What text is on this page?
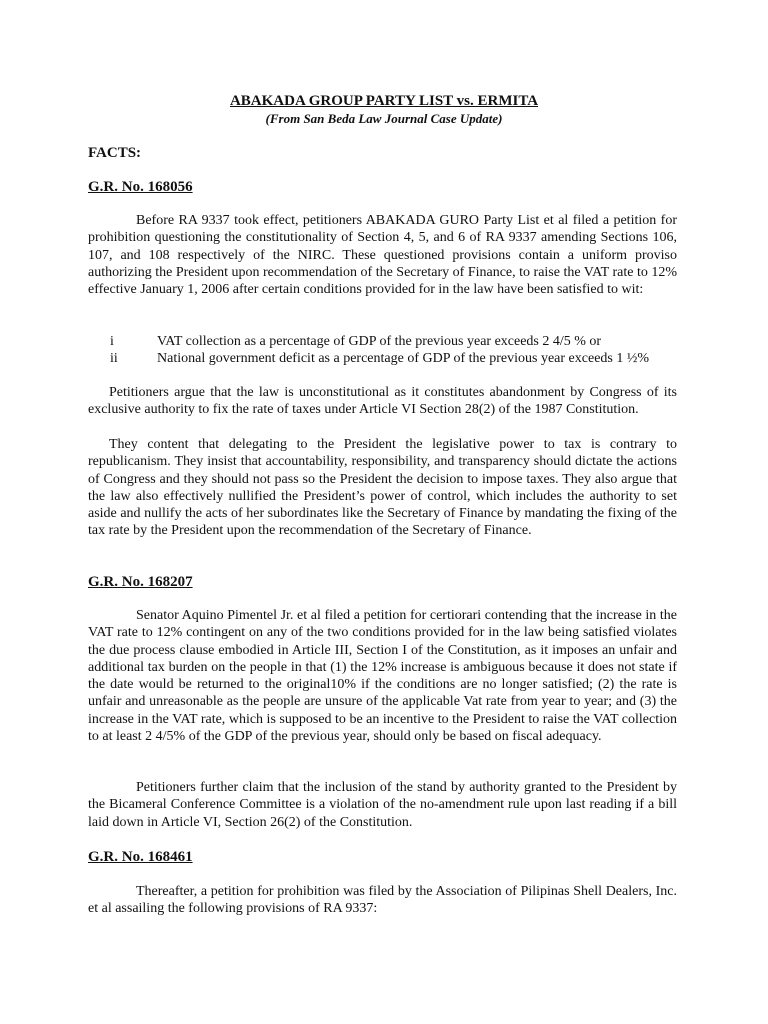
ABAKADA GROUP PARTY LIST vs. ERMITA
(From San Beda Law Journal Case Update)
FACTS:
G.R. No. 168056

Before RA 9337 took effect, petitioners ABAKADA GURO Party List et al filed a petition for prohibition questioning the constitutionality of Section 4, 5, and 6 of RA 9337 amending Sections 106, 107, and 108 respectively of the NIRC. These questioned provisions contain a uniform proviso authorizing the President upon recommendation of the Secretary of Finance, to raise the VAT rate to 12% effective January 1, 2006 after certain conditions provided for in the law have been satisfied to wit:

i	VAT collection as a percentage of GDP of the previous year exceeds 2 4/5 % or
ii	National government deficit as a percentage of GDP of the previous year exceeds 1 ½%

Petitioners argue that the law is unconstitutional as it constitutes abandonment by Congress of its exclusive authority to fix the rate of taxes under Article VI Section 28(2) of the 1987 Constitution.

They content that delegating to the President the legislative power to tax is contrary to republicanism. They insist that accountability, responsibility, and transparency should dictate the actions of Congress and they should not pass so the President the decision to impose taxes. They also argue that the law also effectively nullified the President’s power of control, which includes the authority to set aside and nullify the acts of her subordinates like the Secretary of Finance by mandating the fixing of the tax rate by the President upon the recommendation of the Secretary of Finance.

G.R. No. 168207

Senator Aquino Pimentel Jr. et al filed a petition for certiorari contending that the increase in the VAT rate to 12% contingent on any of the two conditions provided for in the law being satisfied violates the due process clause embodied in Article III, Section I of the Constitution, as it imposes an unfair and additional tax burden on the people in that (1) the 12% increase is ambiguous because it does not state if the date would be returned to the original10% if the conditions are no longer satisfied; (2) the rate is unfair and unreasonable as the people are unsure of the applicable Vat rate from year to year; and (3) the increase in the VAT rate, which is supposed to be an incentive to the President to raise the VAT collection to at least 2 4/5% of the GDP of the previous year, should only be based on fiscal adequacy.

Petitioners further claim that the inclusion of the stand by authority granted to the President by the Bicameral Conference Committee is a violation of the no-amendment rule upon last reading if a bill laid down in Article VI, Section 26(2) of the Constitution.

G.R. No. 168461

Thereafter, a petition for prohibition was filed by the Association of Pilipinas Shell Dealers, Inc. et al assailing the following provisions of RA 9337:
